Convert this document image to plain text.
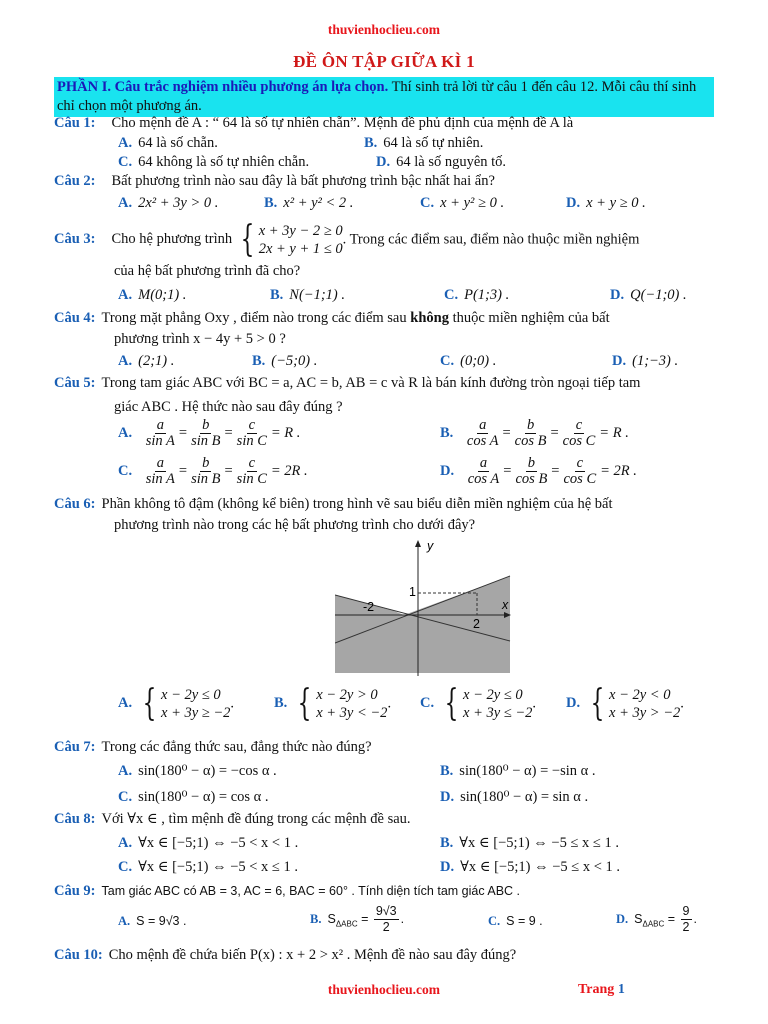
thuvienhoclieu.com
ĐỀ ÔN TẬP GIỮA KÌ 1
PHẦN I. Câu trắc nghiệm nhiều phương án lựa chọn. Thí sinh trả lời từ câu 1 đến câu 12. Mỗi câu thí sinh chỉ chọn một phương án.
Câu 1: Cho mệnh đề A : “ 64 là số tự nhiên chẵn”. Mệnh đề phủ định của mệnh đề A là
A. 64 là số chẵn.	B. 64 là số tự nhiên.
C. 64 không là số tự nhiên chẵn.	D. 64 là số nguyên tố.
Câu 2: Bất phương trình nào sau đây là bất phương trình bậc nhất hai ẩn?
A. 2x² + 3y > 0 .	B. x² + y² < 2 .	C. x + y² ≥ 0 .	D. x + y ≥ 0 .
Câu 3: Cho hệ phương trình { x + 3y − 2 ≥ 0
2x + y + 1 ≤ 0
. Trong các điểm sau, điểm nào thuộc miền nghiệm
của hệ bất phương trình đã cho?
A. M(0;1) .	B. N(−1;1) .	C. P(1;3) .	D. Q(−1;0) .
Câu 4: Trong mặt phẳng Oxy , điểm nào trong các điểm sau không thuộc miền nghiệm của bất
phương trình x − 4y + 5 > 0 ?
A. (2;1) .	B. (−5;0) .	C. (0;0) .	D. (1;−3) .
Câu 5: Trong tam giác ABC với BC = a, AC = b, AB = c và R là bán kính đường tròn ngoại tiếp tam
giác ABC . Hệ thức nào sau đây đúng ?
A. $\frac{a}{\text{sin A}} = \frac{b}{\text{sin B}} = \frac{c}{\text{sin C}} = R$ .	B. $\frac{a}{\text{cos A}} = \frac{b}{\text{cos B}} = \frac{c}{\text{cos C}} = R$ .
C. $\frac{a}{\text{sin A}} = \frac{b}{\text{sin B}} = \frac{c}{\text{sin C}} = 2R$ .	D. $\frac{a}{\text{cos A}} = \frac{b}{\text{cos B}} = \frac{c}{\text{cos C}} = 2R$ .
Câu 6: Phần không tô đậm (không kể biên) trong hình vẽ sau biểu diễn miền nghiệm của hệ bất
phương trình nào trong các hệ bất phương trình cho dưới đây?
y
x
1
2
-2
A. { x − 2y ≤ 0
x + 3y ≥ −2
.	B. { x − 2y > 0
x + 3y < −2
. C. { x − 2y ≤ 0
x + 3y ≤ −2
. D. { x − 2y < 0
x + 3y > −2
.
Câu 7: Trong các đẳng thức sau, đẳng thức nào đúng?
A. sin(180⁰ − α) = −cos α .	B. sin(180⁰ − α) = −sin α .
C. sin(180⁰ − α) = cos α .	D. sin(180⁰ − α) = sin α .
Câu 8: Với ∀x ∈ , tìm mệnh đề đúng trong các mệnh đề sau.
A. ∀x ∈ [−5;1) ⇔ −5 < x < 1 .	B. ∀x ∈ [−5;1) ⇔ −5 ≤ x ≤ 1 .
C. ∀x ∈ [−5;1) ⇔ −5 < x ≤ 1 .	D. ∀x ∈ [−5;1) ⇔ −5 ≤ x < 1 .
Câu 9: Tam giác ABC có AB = 3, AC = 6, BAC = 60° . Tính diện tích tam giác ABC .
A. S = 9√3 .	B. $S_{\Delta ABC} = \frac{9√3}{2}$ .	C. S = 9 .	D. $S_{\Delta ABC} = \frac{9}{2}$ .
Câu 10: Cho mệnh đề chứa biến P(x) : x + 2 > x² . Mệnh đề nào sau đây đúng?
thuvienhoclieu.com	Trang 1
